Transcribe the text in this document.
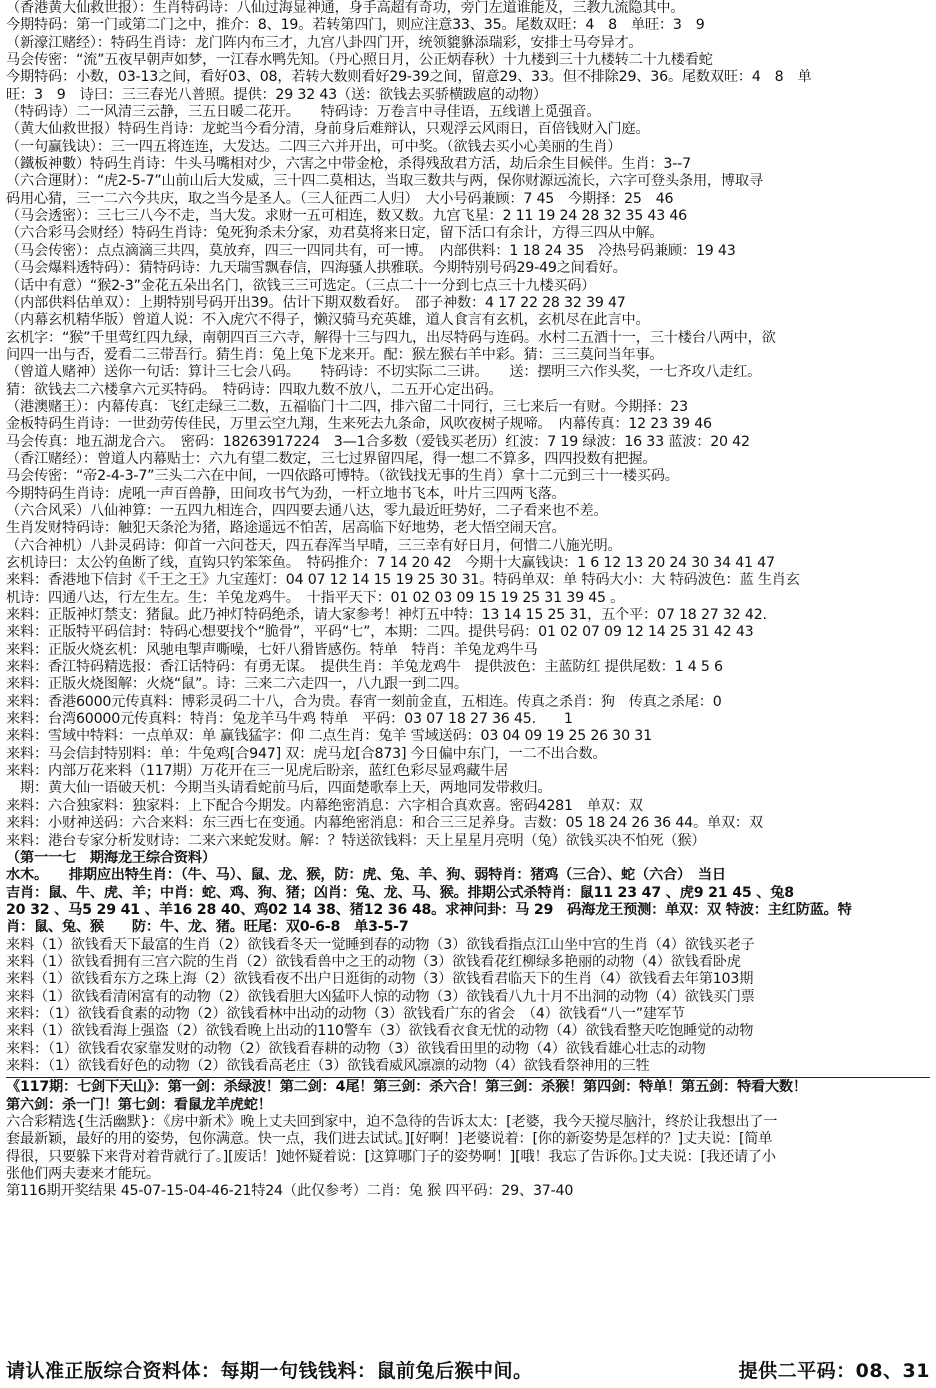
（香港黄大仙救世报）：生肖特码诗：八仙过海显神通，身手高超有奇功，旁门左道谁能及，三教九流隐其中。
今期特码：第一门或第二门之中，推介：8、19。若转第四门，则应注意33、35。尾数双旺：4　8　单旺：3　9
（新濠江赌经）：特码生肖诗：龙门阵内布三才，九宫八卦四门开，统领貔貅添瑞彩，安排士马夸异才。
马会传密：“流”五夜早朝声如梦，一江春水鸭先知。（丹心照日月，公正炳春秋）十九楼到三十九楼转二十九楼看蛇
今期特码：小数，03-13之间，看好03、08，若转大数则看好29-39之间，留意29、33。但不排除29、36。尾数双旺：4　8　单
旺：3　9　诗曰：三三春光八普照。提供：29 32 43（送：欲钱去买骄横跋扈的动物）
（特码诗）二一风清三云静，三五日暖二花开。　　特码诗：万卷言中寻佳语，五线谱上觅强音。
（黄大仙救世报）特码生肖诗：龙蛇当今看分清，身前身后难辩认，只观浮云风雨日，百倍钱财入门庭。
（一句赢钱诀）：三一四五将连连，大发达。二四三六并开出，可中奖。（欲钱去买小心美丽的生肖）
（鐵板神數）特码生肖诗：牛头马嘴相对少，六害之中带金枪，杀得残敌君方活，劫后余生目候伴。生肖：3--7
（六合運財）：“虎2-5-7”山前山后大发威，三十四二莫相达，当取三数共与两，保你财源远流长，六字可登头条用，博取寻
码用心猜，三一二六今共庆，取之当今是圣人。（三人征西二人归）　大小号码兼顾：7 45　今期择：25　46
（马会透密）：三七三八今不走，当大发。求财一五可相连，数又数。九宫飞星：2 11 19 24 28 32 35 43 46
（六合彩马会财经）特码生肖诗：兔死狗杀未分家，劝君莫将来日定，留下活口有余计，方得三四从中解。
（马会传密）：点点滴滴三共四，莫放弃，四三一四同共有，可一博。　内部供料：1 18 24 35　冷热号码兼顾：19 43
（马会爆料透特码）：猜特码诗：九天瑞雪飘春信，四海骚人拱雅联。今期特别号码29-49之间看好。
（话中有意）“猴2-3”金花五朵出名门，欲钱三三可选定。（三点二十一分到七点三十九楼买码）
（内部供料估单双）：上期特别号码开出39。估计下期双数看好。　邵子神数：4 17 22 28 32 39 47
（内幕玄机精华版）曾道人说：不入虎穴不得子，懒汉骑马充英雄，道人食言有玄机，玄机尽在此言中。
玄机字：“猴”千里莺红四九绿，南朝四百三六寺，解得十三与四九，出尽特码与连码。水村二五酒十一，三十楼台八两中，欲
问四一出与否，爱看二三带吾行。猜生肖：兔上兔下龙来开。配：猴左猴右羊中彩。猜：三三莫问当年事。
（曾道人赌神）送你一句话：算计三七会八码。　　特码诗：不切实际二三讲。　　送：摆明三六作头奖，一七齐攻八走红。
猜：欲钱去二六楼拿六元买特码。　特码诗：四取九数不放八，二五开心定出码。
（港澳赌王）：内幕传真：飞红走绿三二数，五福临门十二四，排六留二十同行，三七来后一有财。今期择：23
金板特码生肖诗：一世劲劳传佳民，万里云空九翔，生来死去九条命，风吹夜树子规啼。　内幕传真：12 23 39 46
马会传真：地五湖龙合六。　密码：18263917224　3—1合多数（爱钱买老历）红波：7 19 绿波：16 33 蓝波：20 42
（香江赌经）：曾道人内幕贴士：六九有望二数定，三七过界留四尾，得一想二不算多，四四投数有把握。
马会传密：“帝2-4-3-7”三头二六在中间，一四依路可博特。（欲钱找无事的生肖）拿十二元到三十一楼买码。
今期特码生肖诗：虎吼一声百兽静，田间攻书气为劲，一杆立地书飞本，叶片三四两飞落。
（六合风采）八仙神算：一五四九相连合，四四要去通八达，零九最近旺势好，二子看来也不差。
生肖发财特码诗：触犯天条沦为猪，路途遥远不怕苦，居高临下好地势，老大悟空闹天宫。
（六合神机）八卦灵码诗：仰首一六问苍天，四五春浑当早晴，三三幸有好日月，何惜二八施光明。
玄机诗曰：太公钓鱼断了线，直钩只钓笨笨鱼。　特码推介：7 14 20 42　今期十大赢钱诀：1 6 12 13 20 24 30 34 41 47
来料：香港地下信封《千王之王》九宝莲灯：04 07 12 14 15 19 25 30 31。特码单双：单 特码大小：大 特码波色：蓝 生肖玄
机诗：四通八达，行左生左。生：羊兔龙鸡牛。　十指平天下：01 02 03 09 15 19 25 31 39 45 。
来料：正版神灯禁支：猪鼠。此乃神灯特码绝杀，请大家参考！神灯五中特：13 14 15 25 31，五个平：07 18 27 32 42.
来料：正版特平码信封：特码心想要找个“脆骨”，平码“七”，本期：二四。提供号码：01 02 07 09 12 14 25 31 42 43
来料：正版火烧玄机：风驰电掣声嘶噪，七奸八猾皆感伤。特单　特肖：羊兔龙鸡牛马
来料：香江特码精选报：香江话特码：有勇无谋。　提供生肖：羊兔龙鸡牛　提供波色：主蓝防红 提供尾数：1 4 5 6
来料：正版火烧图解：火烧“鼠”。诗：三来二六走四一，八九跟一到二四。
来料：香港6000元传真料：博彩灵码二十八，合为贵。春宵一刻前金直，五相连。传真之杀肖：狗　传真之杀尾：0
来料：台湾60000元传真料：特肖：兔龙羊马牛鸡 特单　平码：03 07 18 27 36 45.　　1
来料：雪域中特料：一点单双：单 赢钱猛字：仰 二点生肖：兔羊 雪域送码：03 04 09 19 25 26 30 31
来料：马会信封特别料：单：牛兔鸡[合947] 双：虎马龙[合873] 今日偏中东门，一二不出合数。
来料：内部万花来料（117期）万花开在三一见虎后盼亲，蓝红色彩尽显鸡藏牛居
　期：黄大仙一语破天机：今期当头请看蛇前马后，四面楚歌奉上天，两地同发带救归。
来料：六合独家料：独家料：上下配合今期发。内幕绝密消息：六字相合真欢喜。密码4281　单双：双
来料：小财神送码：六合来料：东三西七在变通。内幕绝密消息：和合三三足养身。吉数：05 18 24 26 36 44。单双：双
来料：港台专家分析发财诗：二来六来蛇发财。解：？特送欲钱料：天上星星月亮明（兔）欲钱买决不怕死（猴）
（第一一七　期海龙王综合资料）
水木。　　排期应出特生肖：（牛、马）、鼠、龙、猴，防：虎、兔、羊、狗、弱特肖：猪鸡（三合）、蛇（六合）　当日
吉肖：鼠、牛、虎、羊；中肖：蛇、鸡、狗、猪；凶肖：兔、龙、马、猴。排期公式杀特肖：鼠11 23 47 、虎9 21 45 、兔8
20 32 、马5 29 41 、羊16 28 40、鸡02 14 38、猪12 36 48。求神问卦：马 29　码海龙王预测：单双：双 特波：主红防蓝。特
肖：鼠、兔、猴　　防：牛、龙、猪。旺尾：双0-6-8　单3-5-7
来料（1）欲钱看天下最富的生肖（2）欲钱看冬天一觉睡到春的动物（3）欲钱看指点江山坐中宫的生肖（4）欲钱买老子
来料（1）欲钱看拥有三宫六院的生肖（2）欲钱看兽中之王的动物（3）欲钱看花红柳绿多艳丽的动物（4）欲钱看卧虎
来料（1）欲钱看东方之珠上海（2）欲钱看夜不出户日逛街的动物（3）欲钱看君临天下的生肖（4）欲钱看去年第103期
来料（1）欲钱看清闲富有的动物（2）欲钱看胆大凶猛吓人惊的动物（3）欲钱看八九十月不出洞的动物（4）欲钱买门票
来料：（1）欲钱看食素的动物（2）欲钱看林中出动的动物（3）欲钱看广东的省会　（4）欲钱看“八一”建军节
来料（1）欲钱看海上强盗（2）欲钱看晚上出动的110警车（3）欲钱看衣食无忧的动物（4）欲钱看整天吃饱睡觉的动物
来料：（1）欲钱看农家靠发财的动物（2）欲钱看春耕的动物（3）欲钱看田里的动物（4）欲钱看雄心壮志的动物
来料：（1）欲钱看好色的动物（2）欲钱看高老庄（3）欲钱看威风凛凛的动物（4）欲钱看祭神用的三牲
《117期：七剑下天山》：第一剑：杀绿波！第二剑：4尾！第三剑：杀六合！第三剑：杀猴！第四剑：特单！第五剑：特看大数！
第六剑：杀一门！第七剑：看鼠龙羊虎蛇！
六合彩精选{生活幽默}：《房中新术》晚上丈夫回到家中，迫不急待的告诉太太：[老婆，我今天搅尽脑汁，终於让我想出了一
套最新颖，最好的用的姿势，包你满意。快一点，我们进去试试。][好啊！]老婆说着：[你的新姿势是怎样的？]丈夫说：[简单
得很，只要躲下来背对着背就行了。][废话！]她怀疑着说：[这算哪门子的姿势啊！][哦！我忘了告诉你。]丈夫说：[我还请了小
张他们两夫妻来才能玩。
第116期开奖结果 45-07-15-04-46-21特24（此仅参考）二肖：兔 猴 四平码：29、37-40
请认准正版综合资料体：每期一句钱钱料：鼠前兔后猴中间。	提供二平码：08、31
